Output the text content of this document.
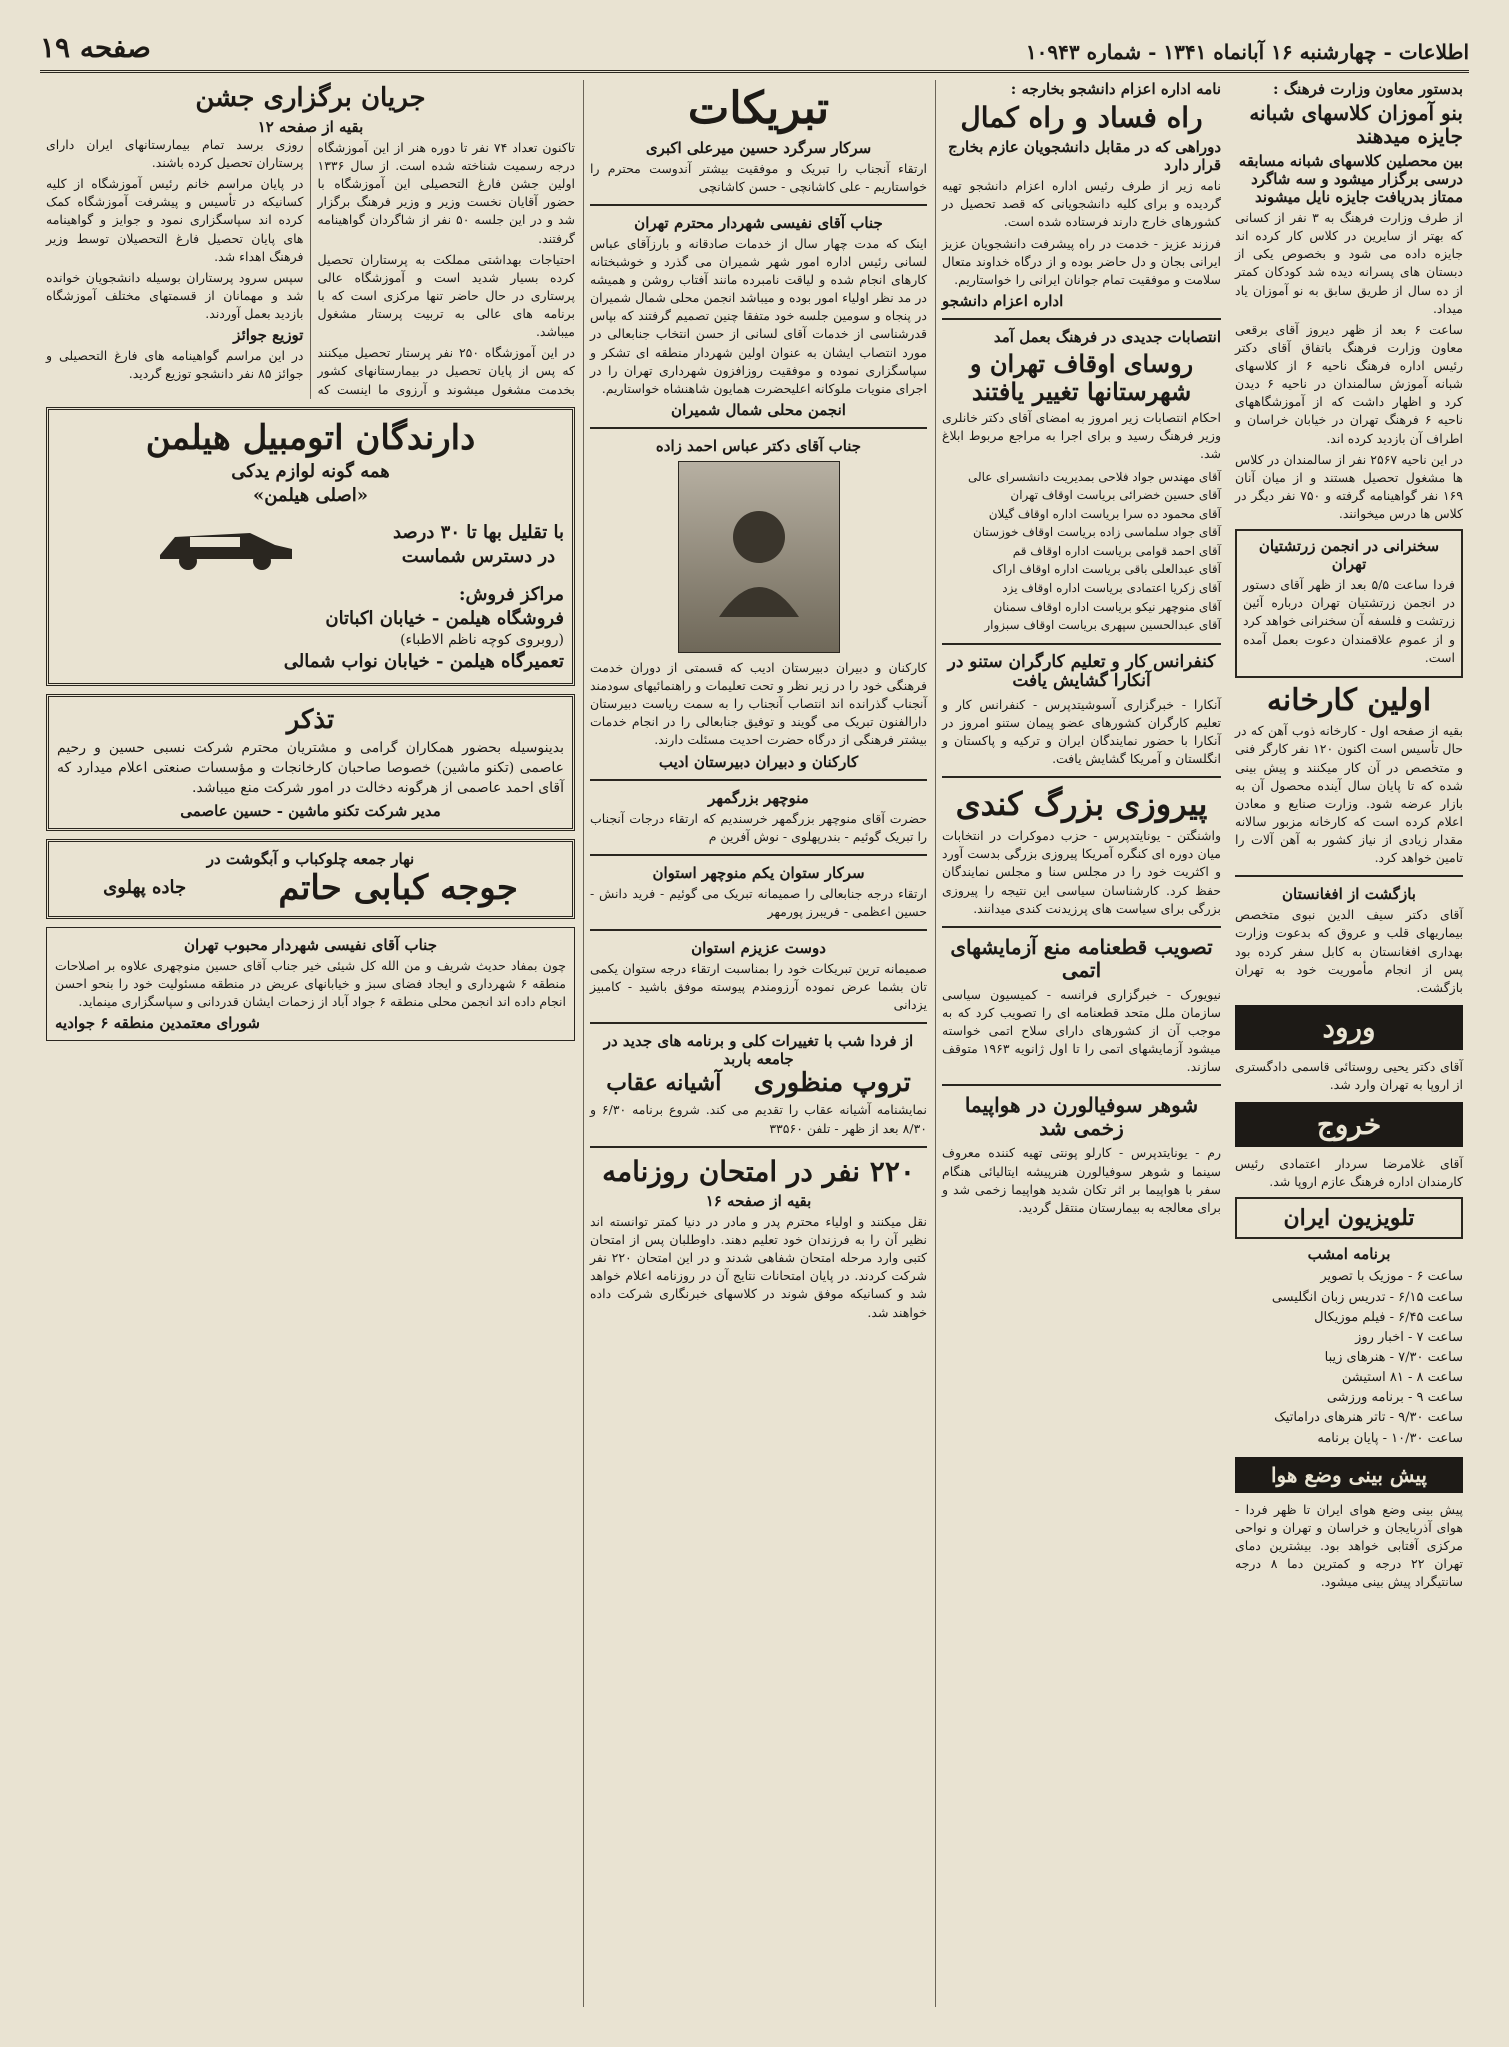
اطلاعات - چهارشنبه ۱۶ آبانماه ۱۳۴۱ - شماره ۱۰۹۴۳
صفحه ۱۹
بدستور معاون وزارت فرهنگ :
بنو آموزان کلاسهای شبانه جایزه میدهند
بین محصلین کلاسهای شبانه مسابقه درسی برگزار میشود و سه شاگرد ممتاز بدریافت جایزه نایل میشوند

از طرف وزارت فرهنگ به ۳ نفر از کسانی که بهتر از سایرین در کلاس کار کرده اند جایزه داده می شود و بخصوص یکی از دبستان های پسرانه دیده شد کودکان کمتر از ده سال از طریق سابق به نو آموزان یاد میداد.

ساعت ۶ بعد از ظهر دیروز آقای برقعی معاون وزارت فرهنگ باتفاق آقای دکتر رئیس اداره فرهنگ ناحیه ۶ از کلاسهای شبانه آموزش سالمندان در ناحیه ۶ دیدن کرد و اظهار داشت که از آموزشگاههای ناحیه ۶ فرهنگ تهران در خیابان خراسان و اطراف آن بازدید کرده اند.

در این ناحیه ۲۵۶۷ نفر از سالمندان در کلاس ها مشغول تحصیل هستند و از میان آنان ۱۶۹ نفر گواهینامه گرفته و ۷۵۰ نفر دیگر در کلاس ها درس میخوانند.

سخنرانی در انجمن زرتشتیان تهران

فردا ساعت ۵/۵ بعد از ظهر آقای دستور در انجمن زرتشتیان تهران درباره آئین زرتشت و فلسفه آن سخنرانی خواهد کرد و از عموم علاقمندان دعوت بعمل آمده است.

اولین کارخانه

بقیه از صفحه اول - کارخانه ذوب آهن که در حال تأسیس است اکنون ۱۲۰ نفر کارگر فنی و متخصص در آن کار میکنند و پیش بینی شده که تا پایان سال آینده محصول آن به بازار عرضه شود. وزارت صنایع و معادن اعلام کرده است که کارخانه مزبور سالانه مقدار زیادی از نیاز کشور به آهن آلات را تامین خواهد کرد.

بازگشت از افغانستان

آقای دکتر سیف الدین نبوی متخصص بیماریهای قلب و عروق که بدعوت وزارت بهداری افغانستان به کابل سفر کرده بود پس از انجام مأموریت خود به تهران بازگشت.

ورود

آقای دکتر یحیی روستائی قاسمی دادگستری از اروپا به تهران وارد شد.

خروج

آقای غلامرضا سردار اعتمادی رئیس کارمندان اداره فرهنگ عازم اروپا شد.

تلویزیون ایران
برنامه امشب
ساعت ۶ - موزیک با تصویر
ساعت ۶/۱۵ - تدریس زبان انگلیسی
ساعت ۶/۴۵ - فیلم موزیکال
ساعت ۷ - اخبار روز
ساعت ۷/۳۰ - هنرهای زیبا
ساعت ۸ - ۸۱ استیشن
ساعت ۹ - برنامه ورزشی
ساعت ۹/۳۰ - تاتر هنرهای دراماتیک
ساعت ۱۰/۳۰ - پایان برنامه
پیش بینی وضع هوا

پیش بینی وضع هوای ایران تا ظهر فردا - هوای آذربایجان و خراسان و تهران و نواحی مرکزی آفتابی خواهد بود. بیشترین دمای تهران ۲۲ درجه و کمترین دما ۸ درجه سانتیگراد پیش بینی میشود.

نامه اداره اعزام دانشجو بخارجه :
راه فساد و راه کمال
دوراهی که در مقابل دانشجویان عازم بخارج قرار دارد

نامه زیر از طرف رئیس اداره اعزام دانشجو تهیه گردیده و برای کلیه دانشجویانی که قصد تحصیل در کشورهای خارج دارند فرستاده شده است.

فرزند عزیز - خدمت در راه پیشرفت دانشجویان عزیز ایرانی بجان و دل حاضر بوده و از درگاه خداوند متعال سلامت و موفقیت تمام جوانان ایرانی را خواستاریم.

اداره اعزام دانشجو
انتصابات جدیدی در فرهنگ بعمل آمد
روسای اوقاف تهران و شهرستانها تغییر یافتند

احکام انتصابات زیر امروز به امضای آقای دکتر خانلری وزیر فرهنگ رسید و برای اجرا به مراجع مربوط ابلاغ شد.

آقای مهندس جواد فلاحی بمدیریت دانشسرای عالی
آقای حسین خضرائی بریاست اوقاف تهران
آقای محمود ده سرا بریاست اداره اوقاف گیلان
آقای جواد سلماسی زاده بریاست اوقاف خوزستان
آقای احمد قوامی بریاست اداره اوقاف قم
آقای عبدالعلی باقی بریاست اداره اوقاف اراک
آقای زکریا اعتمادی بریاست اداره اوقاف یزد
آقای منوچهر نیکو بریاست اداره اوقاف سمنان
آقای عبدالحسین سپهری بریاست اوقاف سبزوار
کنفرانس کار و تعلیم کارگران ستنو در آنکارا گشایش یافت

آنکارا - خبرگزاری آسوشیتدپرس - کنفرانس کار و تعلیم کارگران کشورهای عضو پیمان ستنو امروز در آنکارا با حضور نمایندگان ایران و ترکیه و پاکستان و انگلستان و آمریکا گشایش یافت.

پیروزی بزرگ کندی

واشنگتن - یونایتدپرس - حزب دموکرات در انتخابات میان دوره ای کنگره آمریکا پیروزی بزرگی بدست آورد و اکثریت خود را در مجلس سنا و مجلس نمایندگان حفظ کرد. کارشناسان سیاسی این نتیجه را پیروزی بزرگی برای سیاست های پرزیدنت کندی میدانند.

تصویب قطعنامه منع آزمایشهای اتمی

نیویورک - خبرگزاری فرانسه - کمیسیون سیاسی سازمان ملل متحد قطعنامه ای را تصویب کرد که به موجب آن از کشورهای دارای سلاح اتمی خواسته میشود آزمایشهای اتمی را تا اول ژانویه ۱۹۶۳ متوقف سازند.

شوهر سوفیالورن در هواپیما زخمی شد

رم - یونایتدپرس - کارلو پونتی تهیه کننده معروف سینما و شوهر سوفیالورن هنرپیشه ایتالیائی هنگام سفر با هواپیما بر اثر تکان شدید هواپیما زخمی شد و برای معالجه به بیمارستان منتقل گردید.

تبریکات
سرکار سرگرد حسین میرعلی اکبری

ارتقاء آنجناب را تبریک و موفقیت بیشتر آندوست محترم را خواستاریم - علی کاشانچی - حسن کاشانچی

جناب آقای نفیسی شهردار محترم تهران

اینک که مدت چهار سال از خدمات صادقانه و بارزآقای عباس لسانی رئیس اداره امور شهر شمیران می گذرد و خوشبختانه کارهای انجام شده و لیاقت نامبرده مانند آفتاب روشن و همیشه در مد نظر اولیاء امور بوده و میباشد انجمن محلی شمال شمیران در پنجاه و سومین جلسه خود متفقا چنین تصمیم گرفتند که بپاس قدرشناسی از خدمات آقای لسانی از حسن انتخاب جنابعالی در مورد انتصاب ایشان به عنوان اولین شهردار منطقه ای تشکر و سپاسگزاری نموده و موفقیت روزافزون شهرداری تهران را در اجرای منویات ملوکانه اعلیحضرت همایون شاهنشاه خواستاریم.

انجمن محلی شمال شمیران
جناب آقای دکتر عباس احمد زاده

کارکنان و دبیران دبیرستان ادیب که قسمتی از دوران خدمت فرهنگی خود را در زیر نظر و تحت تعلیمات و راهنمائیهای سودمند آنجناب گذرانده اند انتصاب آنجناب را به سمت ریاست دبیرستان دارالفنون تبریک می گویند و توفیق جنابعالی را در انجام خدمات بیشتر فرهنگی از درگاه حضرت احدیت مسئلت دارند.

کارکنان و دبیران دبیرستان ادیب
منوچهر بزرگمهر

حضرت آقای منوچهر بزرگمهر خرسندیم که ارتقاء درجات آنجناب را تبریک گوئیم - بندرپهلوی - نوش آفرین م

سرکار ستوان یکم منوچهر استوان

ارتقاء درجه جنابعالی را صمیمانه تبریک می گوئیم - فرید دانش - حسین اعظمی - فریبرز پورمهر

دوست عزیزم استوان

صمیمانه ترین تبریکات خود را بمناسبت ارتقاء درجه ستوان یکمی تان بشما عرض نموده آرزومندم پیوسته موفق باشید - کامبیز یزدانی

از فردا شب با تغییرات کلی و برنامه های جدید در جامعه باربد
تروپ منظوری
آشیانه عقاب

نمایشنامه آشیانه عقاب را تقدیم می کند. شروع برنامه ۶/۳۰ و ۸/۳۰ بعد از ظهر - تلفن ۳۳۵۶۰

۲۲۰ نفر در امتحان روزنامه
بقیه از صفحه ۱۶

نقل میکنند و اولیاء محترم پدر و مادر در دنیا کمتر توانسته اند نظیر آن را به فرزندان خود تعلیم دهند. داوطلبان پس از امتحان کتبی وارد مرحله امتحان شفاهی شدند و در این امتحان ۲۲۰ نفر شرکت کردند. در پایان امتحانات نتایج آن در روزنامه اعلام خواهد شد و کسانیکه موفق شوند در کلاسهای خبرنگاری شرکت داده خواهند شد.

جریان برگزاری جشن
بقیه از صفحه ۱۲

تاکنون تعداد ۷۴ نفر تا دوره هنر از این آموزشگاه درجه رسمیت شناخته شده است. از سال ۱۳۳۶ اولین جشن فارغ التحصیلی این آموزشگاه با حضور آقایان نخست وزیر و وزیر فرهنگ برگزار شد و در این جلسه ۵۰ نفر از شاگردان گواهینامه گرفتند.

احتیاجات بهداشتی مملکت به پرستاران تحصیل کرده بسیار شدید است و آموزشگاه عالی پرستاری در حال حاضر تنها مرکزی است که با برنامه های عالی به تربیت پرستار مشغول میباشد.

در این آموزشگاه ۲۵۰ نفر پرستار تحصیل میکنند که پس از پایان تحصیل در بیمارستانهای کشور بخدمت مشغول میشوند و آرزوی ما اینست که روزی برسد تمام بیمارستانهای ایران دارای پرستاران تحصیل کرده باشند.

در پایان مراسم خانم رئیس آموزشگاه از کلیه کسانیکه در تأسیس و پیشرفت آموزشگاه کمک کرده اند سپاسگزاری نمود و جوایز و گواهینامه های پایان تحصیل فارغ التحصیلان توسط وزیر فرهنگ اهداء شد.

سپس سرود پرستاران بوسیله دانشجویان خوانده شد و مهمانان از قسمتهای مختلف آموزشگاه بازدید بعمل آوردند.

توزیع جوائز

در این مراسم گواهینامه های فارغ التحصیلی و جوائز ۸۵ نفر دانشجو توزیع گردید.

دارندگان اتومبیل هیلمن
همه گونه لوازم یدکی
«اصلی هیلمن»
با تقلیل بها تا ۳۰ درصد
در دسترس شماست
مراکز فروش:
فروشگاه هیلمن - خیابان اکباتان
(روبروی کوچه ناظم الاطباء)
تعمیرگاه هیلمن - خیابان نواب شمالی
تذکر

بدینوسیله بحضور همکاران گرامی و مشتریان محترم شرکت نسبی حسین و رحیم عاصمی (تکنو ماشین) خصوصا صاحبان کارخانجات و مؤسسات صنعتی اعلام میدارد که آقای احمد عاصمی از هرگونه دخالت در امور شرکت منع میباشد.

مدیر شرکت تکنو ماشین - حسین عاصمی
نهار جمعه چلوکباب و آبگوشت در
جوجه کبابی حاتم
جاده پهلوی
جناب آقای نفیسی شهردار محبوب تهران

چون بمفاد حدیث شریف و من الله کل شیئی خیر جناب آقای حسین منوچهری علاوه بر اصلاحات منطقه ۶ شهرداری و ایجاد فضای سبز و خیابانهای عریض در منطقه مسئولیت خود را بنحو احسن انجام داده اند انجمن محلی منطقه ۶ جواد آباد از زحمات ایشان قدردانی و سپاسگزاری مینماید.

شورای معتمدین منطقه ۶ جوادیه
